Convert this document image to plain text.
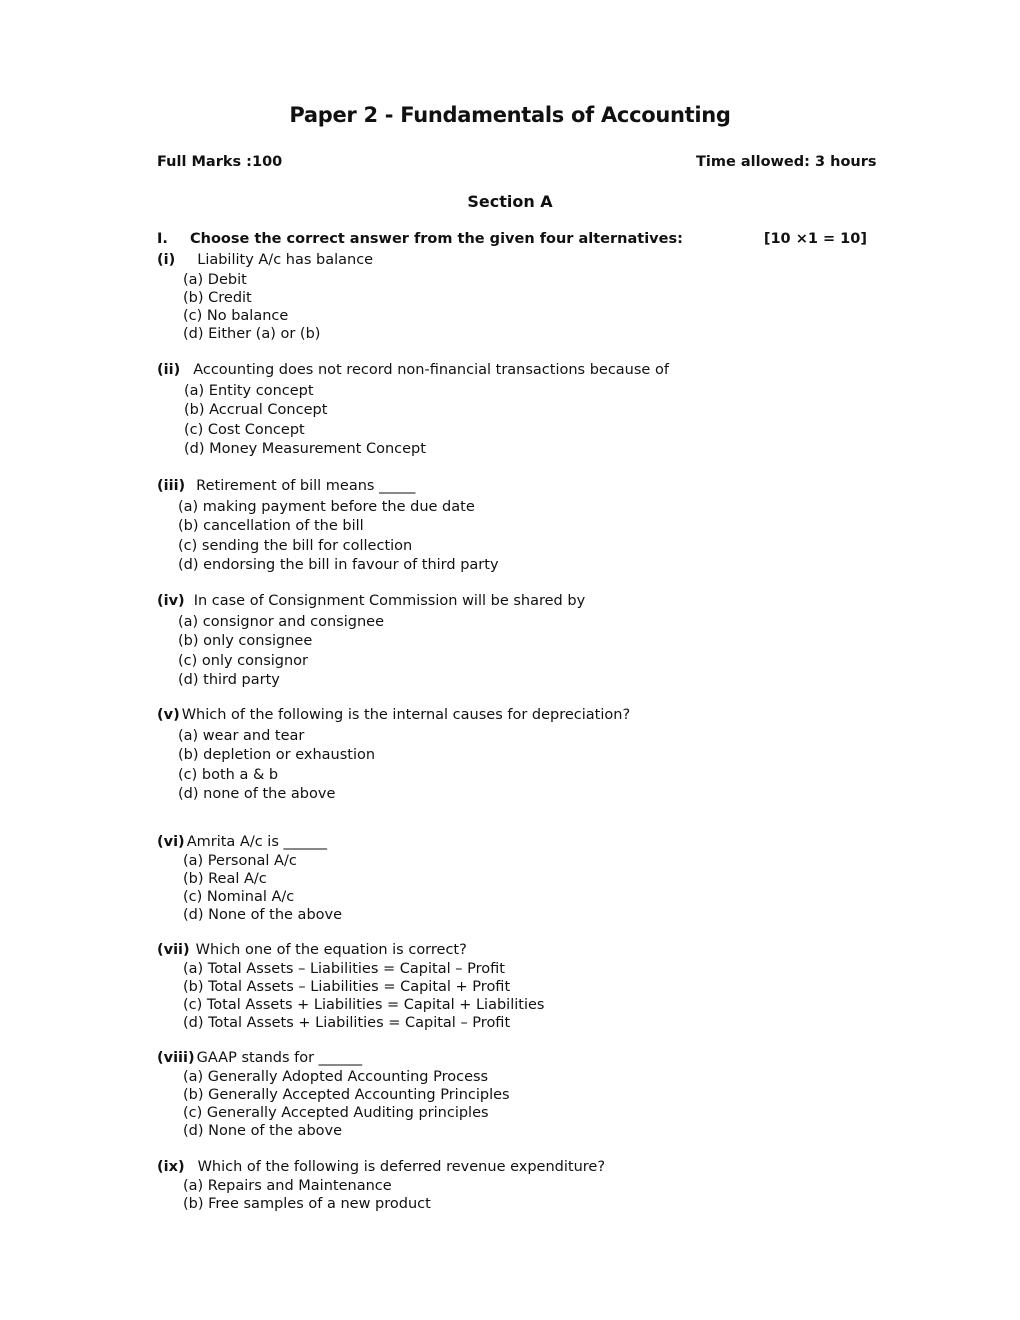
Paper 2 - Fundamentals of Accounting
Full Marks :100	Time allowed: 3 hours
Section A
I. Choose the correct answer from the given four alternatives:	[10 ×1 = 10]
(i) Liability A/c has balance
(a) Debit
(b) Credit
(c) No balance
(d) Either (a) or (b)
(ii) Accounting does not record non-financial transactions because of
(a) Entity concept
(b) Accrual Concept
(c) Cost Concept
(d) Money Measurement Concept
(iii) Retirement of bill means _____
(a) making payment before the due date
(b) cancellation of the bill
(c) sending the bill for collection
(d) endorsing the bill in favour of third party
(iv) In case of Consignment Commission will be shared by
(a) consignor and consignee
(b) only consignee
(c) only consignor
(d) third party
(v) Which of the following is the internal causes for depreciation?
(a) wear and tear
(b) depletion or exhaustion
(c) both a & b
(d) none of the above
(vi) Amrita A/c is ______
(a) Personal A/c
(b) Real A/c
(c) Nominal A/c
(d) None of the above
(vii) Which one of the equation is correct?
(a) Total Assets – Liabilities = Capital – Profit
(b) Total Assets – Liabilities = Capital + Profit
(c) Total Assets + Liabilities = Capital + Liabilities
(d) Total Assets + Liabilities = Capital – Profit
(viii) GAAP stands for ______
(a) Generally Adopted Accounting Process
(b) Generally Accepted Accounting Principles
(c) Generally Accepted Auditing principles
(d) None of the above
(ix) Which of the following is deferred revenue expenditure?
(a) Repairs and Maintenance
(b) Free samples of a new product
